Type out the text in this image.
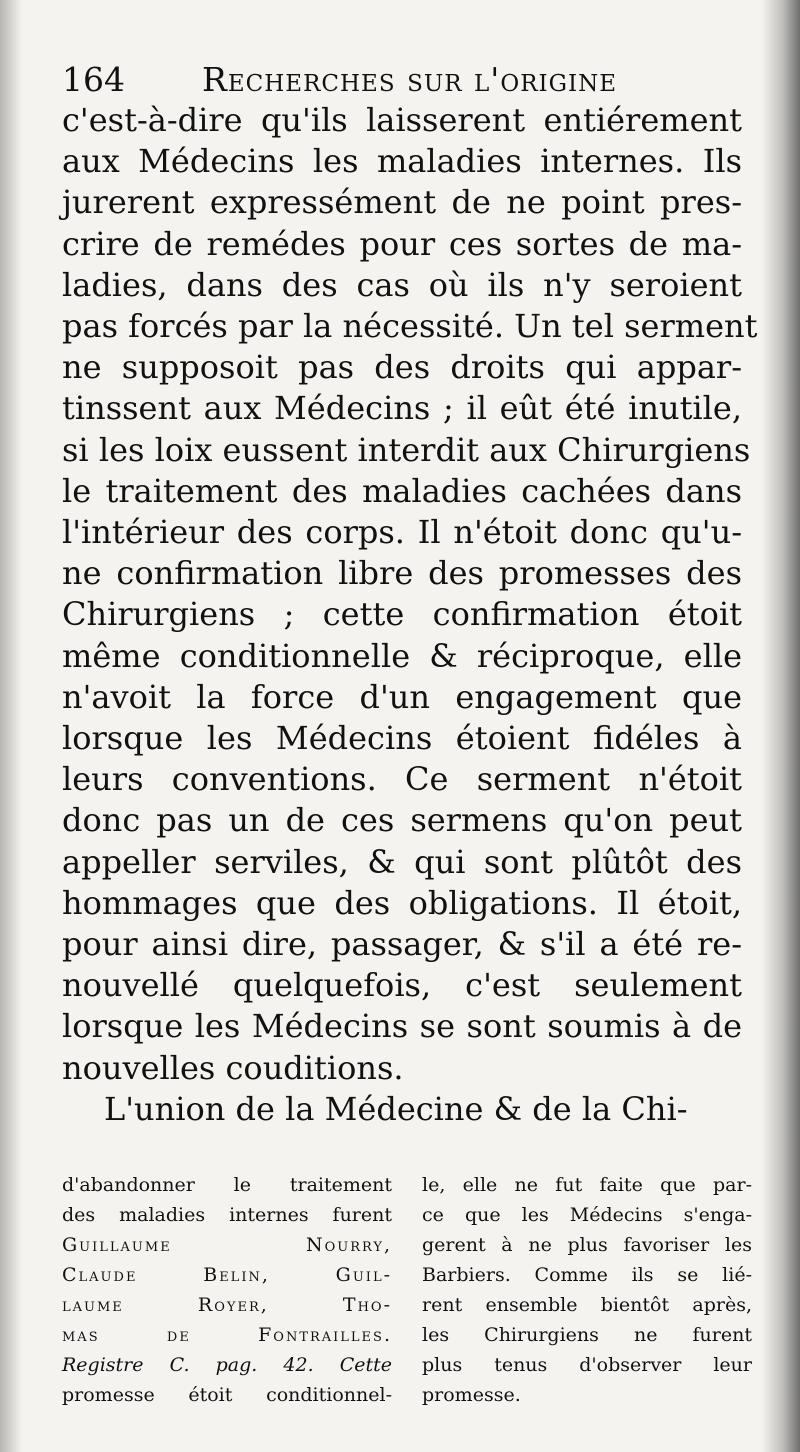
164 Recherches sur l'origine
c'est-à-dire qu'ils laisserent entiérement
aux Médecins les maladies internes. Ils
jurerent expressément de ne point pres-
crire de remédes pour ces sortes de ma-
ladies, dans des cas où ils n'y seroient
pas forcés par la nécessité. Un tel serment
ne supposoit pas des droits qui appar-
tinssent aux Médecins ; il eût été inutile,
si les loix eussent interdit aux Chirurgiens
le traitement des maladies cachées dans
l'intérieur des corps. Il n'étoit donc qu'u-
ne confirmation libre des promesses des
Chirurgiens ; cette confirmation étoit
même conditionnelle & réciproque, elle
n'avoit la force d'un engagement que
lorsque les Médecins étoient fidéles à
leurs conventions. Ce serment n'étoit
donc pas un de ces sermens qu'on peut
appeller serviles, & qui sont plûtôt des
hommages que des obligations. Il étoit,
pour ainsi dire, passager, & s'il a été re-
nouvellé quelquefois, c'est seulement
lorsque les Médecins se sont soumis à de
nouvelles couditions.
L'union de la Médecine & de la Chi-
d'abandonner le traitement
des maladies internes furent
Guillaume Nourry,
Claude Belin, Guil-
laume Royer, Tho-
mas de Fontrailles.
Registre C. pag. 42. Cette
promesse étoit conditionnel-
le, elle ne fut faite que par-
ce que les Médecins s'enga-
gerent à ne plus favoriser les
Barbiers. Comme ils se lié-
rent ensemble bientôt après,
les Chirurgiens ne furent
plus tenus d'observer leur
promesse.
